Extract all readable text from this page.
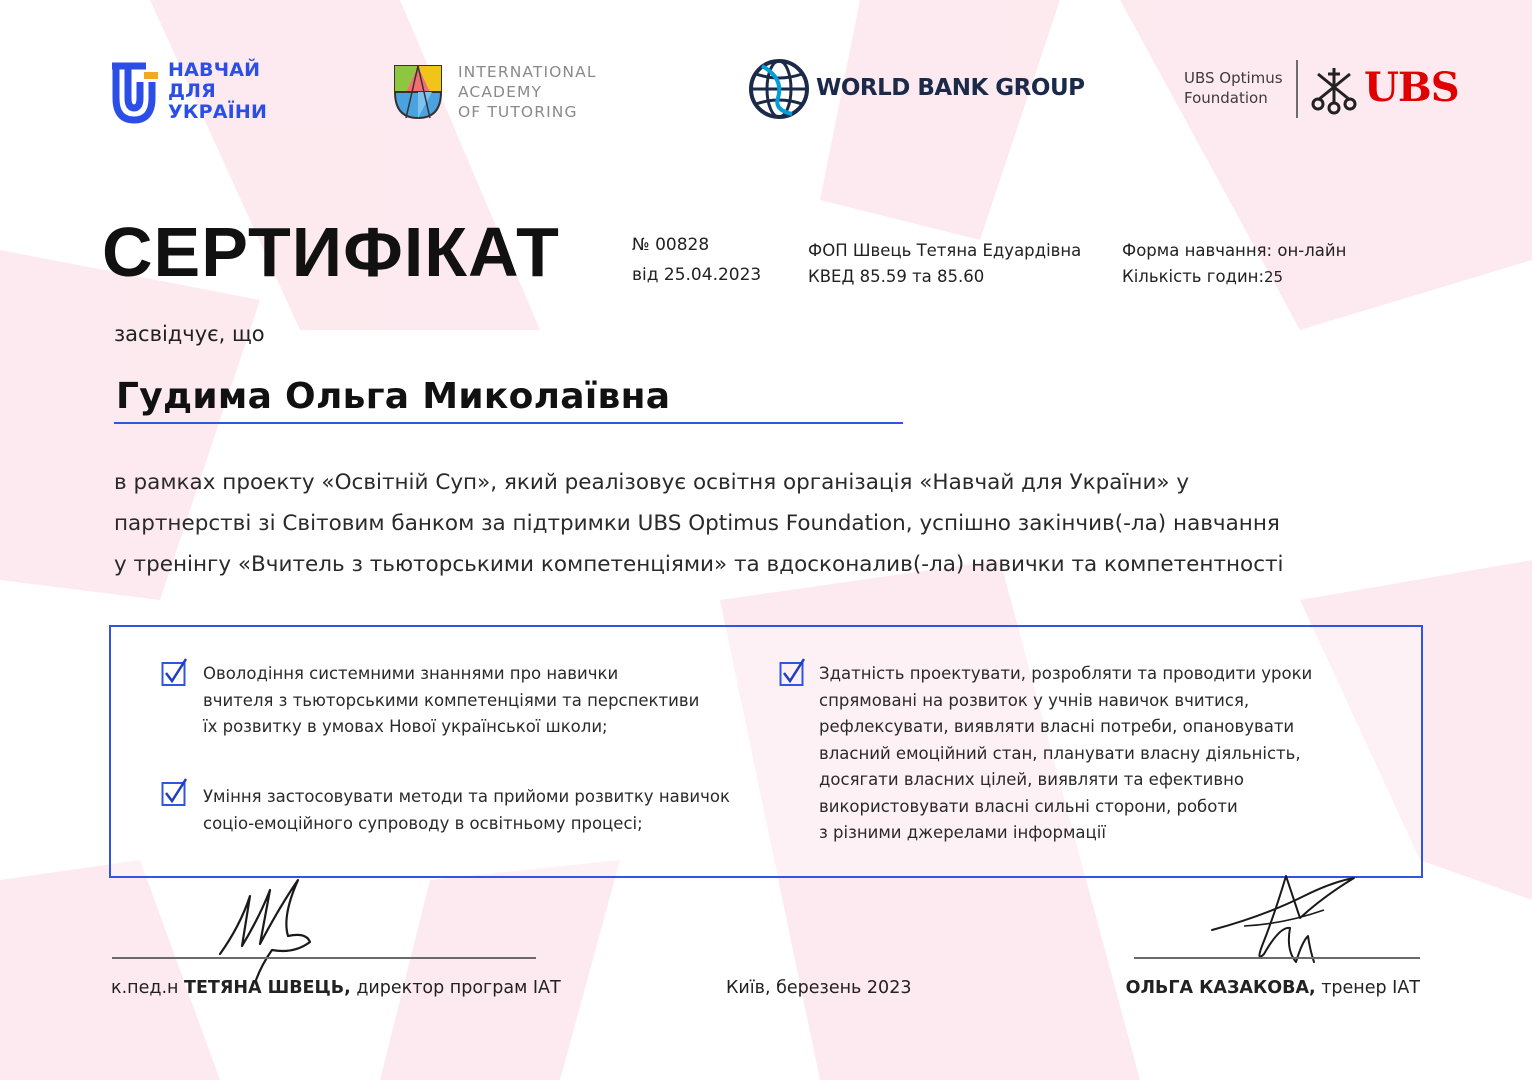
НАВЧАЙ
ДЛЯ
УКРАЇНИ
INTERNATIONAL
ACADEMY
OF TUTORING
WORLD BANK GROUP	UBS Optimus
Foundation	UBS
СЕРТИФІКАТ	№ 00828
від 25.04.2023
ФОП Швець Тетяна Едуардівна
КВЕД 85.59 та 85.60
Форма навчання: он-лайн
Кількість годин:25
засвідчує, що
Гудима Ольга Миколаївна
в рамках проекту «Освітній Суп», який реалізовує освітня організація «Навчай для України» у
партнерстві зі Світовим банком за підтримки UBS Optimus Foundation, успішно закінчив(-ла) навчання
у тренінгу «Вчитель з тьюторськими компетенціями» та вдосконалив(-ла) навички та компетентності
Оволодіння системними знаннями про навички
вчителя з тьюторськими компетенціями та перспективи
їх розвитку в умовах Нової української школи;
Уміння застосовувати методи та прийоми розвитку навичок
соціо-емоційного супроводу в освітньому процесі;
Здатність проектувати, розробляти та проводити уроки
спрямовані на розвиток у учнів навичок вчитися,
рефлексувати, виявляти власні потреби, опановувати
власний емоційний стан, планувати власну діяльність,
досягати власних цілей, виявляти та ефективно
використовувати власні сильні сторони, роботи
з різними джерелами інформації
к.пед.н ТЕТЯНА ШВЕЦЬ, директор програм ІАТ	Київ, березень 2023	ОЛЬГА КАЗАКОВА, тренер ІАТ
